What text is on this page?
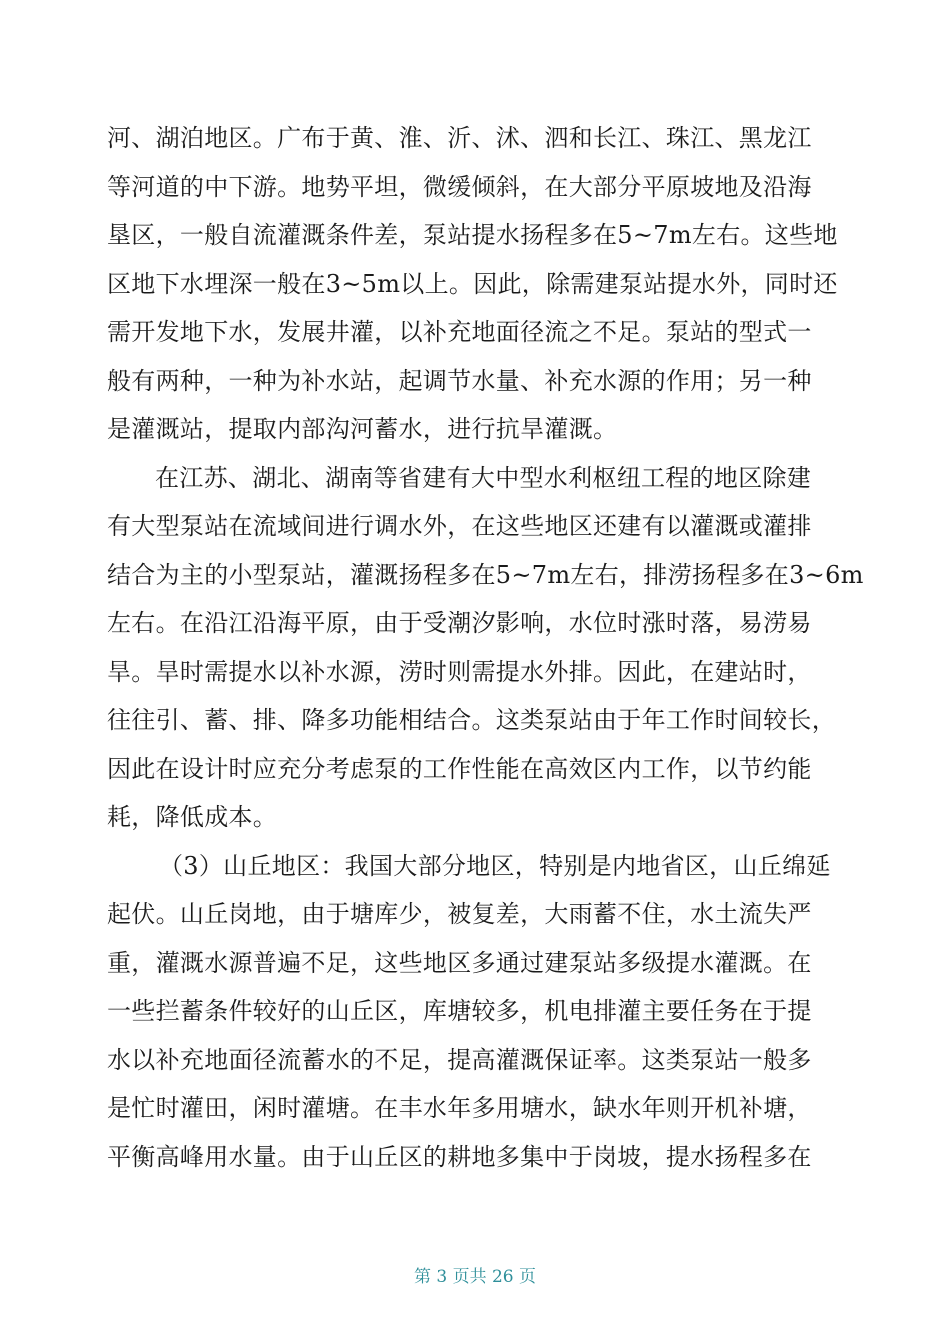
河、湖泊地区。广布于黄、淮、沂、沭、泗和长江、珠江、黑龙江
等河道的中下游。地势平坦，微缓倾斜，在大部分平原坡地及沿海
垦区，一般自流灌溉条件差，泵站提水扬程多在5~7m左右。这些地
区地下水埋深一般在3~5m以上。因此，除需建泵站提水外，同时还
需开发地下水，发展井灌，以补充地面径流之不足。泵站的型式一
般有两种，一种为补水站，起调节水量、补充水源的作用；另一种
是灌溉站，提取内部沟河蓄水，进行抗旱灌溉。
在江苏、湖北、湖南等省建有大中型水利枢纽工程的地区除建
有大型泵站在流域间进行调水外，在这些地区还建有以灌溉或灌排
结合为主的小型泵站，灌溉扬程多在5~7m左右，排涝扬程多在3~6m
左右。在沿江沿海平原，由于受潮汐影响，水位时涨时落，易涝易
旱。旱时需提水以补水源，涝时则需提水外排。因此，在建站时，
往往引、蓄、排、降多功能相结合。这类泵站由于年工作时间较长，
因此在设计时应充分考虑泵的工作性能在高效区内工作，以节约能
耗，降低成本。
（3）山丘地区：我国大部分地区，特别是内地省区，山丘绵延
起伏。山丘岗地，由于塘库少，被复差，大雨蓄不住，水土流失严
重，灌溉水源普遍不足，这些地区多通过建泵站多级提水灌溉。在
一些拦蓄条件较好的山丘区，库塘较多，机电排灌主要任务在于提
水以补充地面径流蓄水的不足，提高灌溉保证率。这类泵站一般多
是忙时灌田，闲时灌塘。在丰水年多用塘水，缺水年则开机补塘，
平衡高峰用水量。由于山丘区的耕地多集中于岗坡，提水扬程多在
第 3 页共 26 页
